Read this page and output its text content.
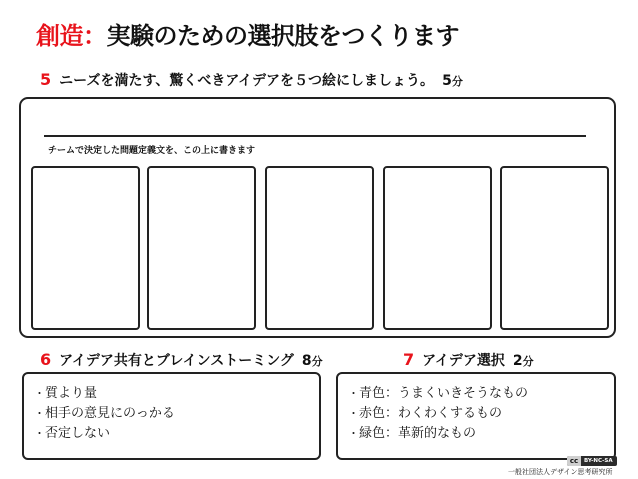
創造：実験のための選択肢をつくります
5 ニーズを満たす、驚くべきアイデアを５つ絵にしましょう。 5分
チームで決定した問題定義文を、この上に書きます
6 アイデア共有とブレインストーミング 8分	7 アイデア選択 2分
・ 質より量
・ 相手の意見にのっかる
・ 否定しない
・ 青色：うまくいきそうなもの
・ 赤色：わくわくするもの
・ 緑色：革新的なもの
cc	BY-NC-SA
一般社団法人デザイン思考研究所
